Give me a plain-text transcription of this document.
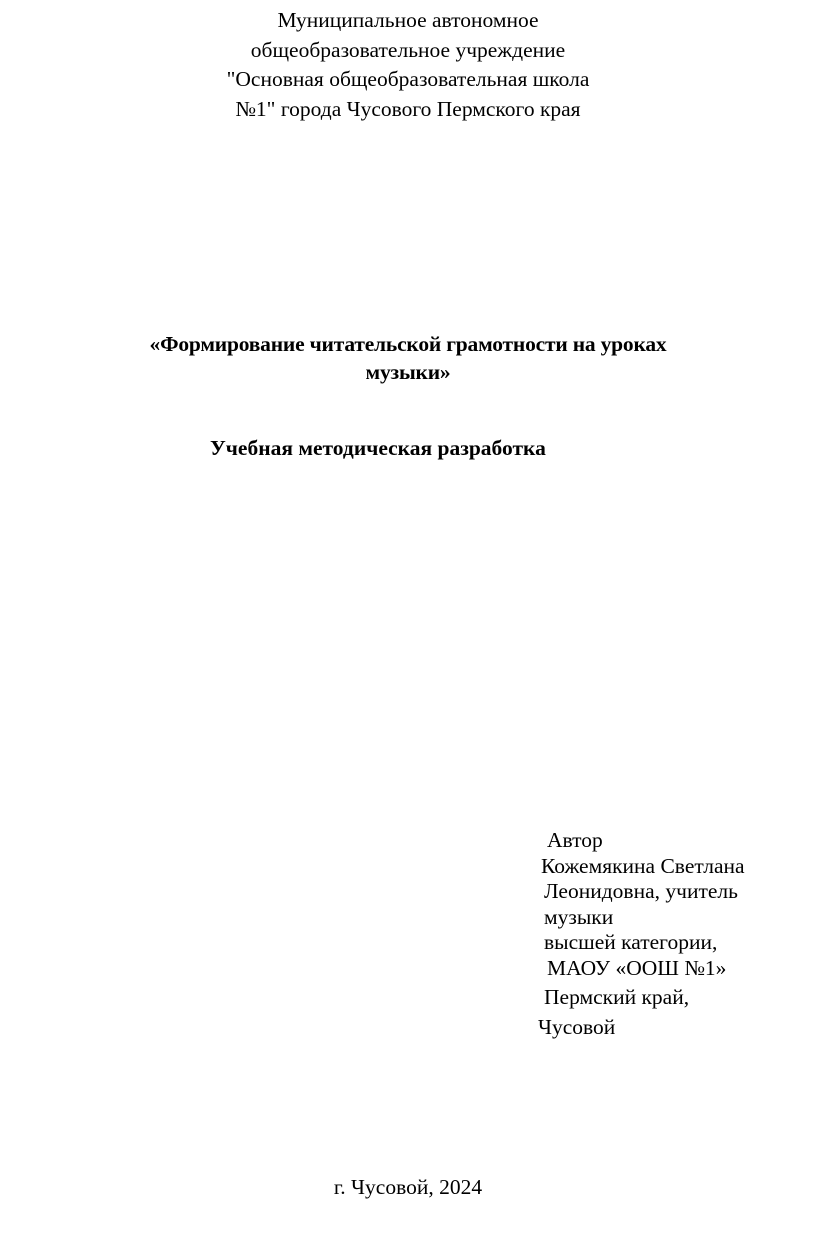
Муниципальное автономное
общеобразовательное учреждение
"Основная общеобразовательная школа
№1" города Чусового Пермского края
«Формирование читательской грамотности на уроках
музыки»
Учебная методическая разработка
Автор
Кожемякина Светлана
Леонидовна, учитель
музыки
высшей категории,
МАОУ «ООШ №1»
Пермский край,
Чусовой
г. Чусовой, 2024
